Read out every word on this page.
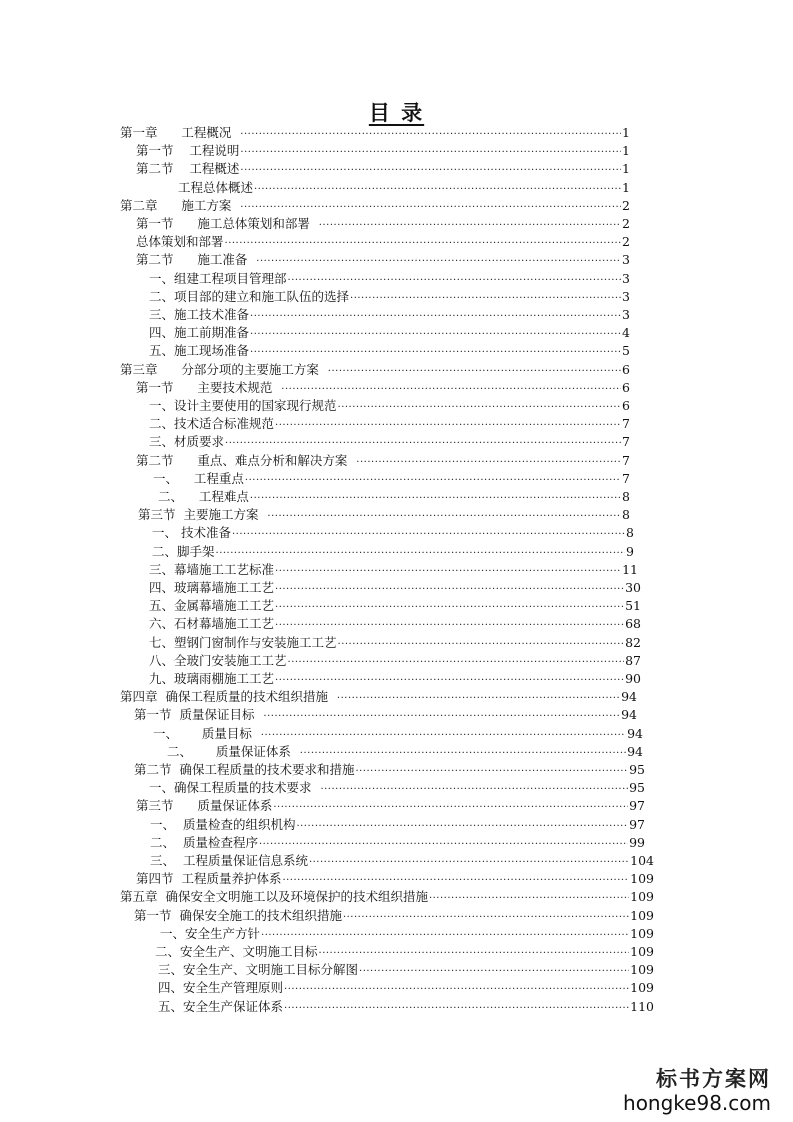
目 录
第一章      工程概况 ·····	1
第一节    工程说明 ·····	1
第二节    工程概述 ·····	1
工程总体概述 ·····	1
第二章      施工方案 ·····	2
第一节      施工总体策划和部署 ·····	2
总体策划和部署 ·····	2
第二节      施工准备 ·····	3
一、组建工程项目管理部 ·····	3
二、项目部的建立和施工队伍的选择 ·····	3
三、施工技术准备 ·····	3
四、施工前期准备 ·····	4
五、施工现场准备 ·····	5
第三章      分部分项的主要施工方案 ·····	6
第一节      主要技术规范 ·····	6
一、设计主要使用的国家现行规范 ·····	6
二、技术适合标准规范 ·····	7
三、材质要求 ·····	7
第二节      重点、难点分析和解决方案 ·····	7
一、    工程重点 ·····	7
二、    工程难点 ·····	8
第三节  主要施工方案 ·····	8
一、 技术准备 ·····	8
二、脚手架 ·····	9
三、幕墙施工工艺标准 ·····	11
四、玻璃幕墙施工工艺 ·····	30
五、金属幕墙施工工艺 ·····	51
六、石材幕墙施工工艺 ·····	68
七、塑钢门窗制作与安装施工工艺 ·····	82
八、全玻门安装施工工艺 ·····	87
九、玻璃雨棚施工工艺 ·····	90
第四章  确保工程质量的技术组织措施 ·····	94
第一节  质量保证目标 ·····	94
一、      质量目标 ·····	94
二、      质量保证体系 ·····	94
第二节  确保工程质量的技术要求和措施 ·····	95
一、确保工程质量的技术要求 ·····	95
第三节      质量保证体系 ·····	97
一、  质量检查的组织机构 ·····	97
二、  质量检查程序 ·····	99
三、  工程质量保证信息系统 ·····	104
第四节  工程质量养护体系 ·····	109
第五章  确保安全文明施工以及环境保护的技术组织措施 ·····	109
第一节  确保安全施工的技术组织措施 ·····	109
一、安全生产方针 ·····	109
二、安全生产、文明施工目标 ·····	109
三、安全生产、文明施工目标分解图 ·····	109
四、安全生产管理原则 ·····	109
五、安全生产保证体系 ·····	110
标书方案网
hongke98.com
